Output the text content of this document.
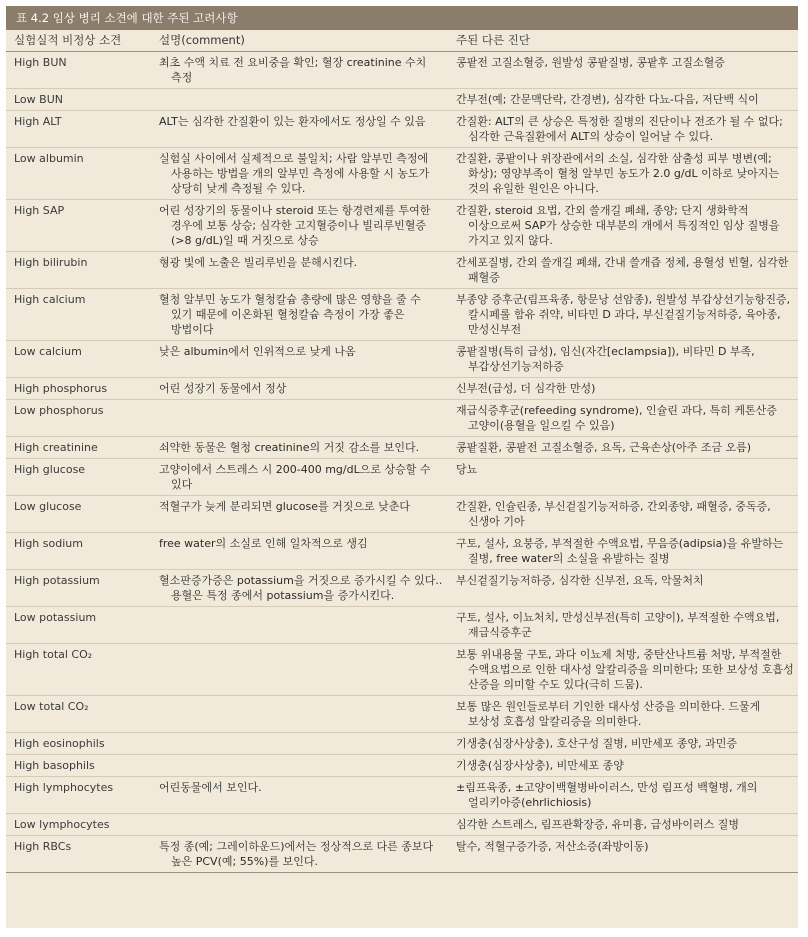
표 4.2 임상 병리 소견에 대한 주된 고려사항
실험실적 비정상 소견	설명(comment)	주된 다른 진단

High BUN	최초 수액 치료 전 요비중을 확인; 혈장 creatinine 수치 측정	콩팥전 고질소혈증, 원발성 콩팥질병, 콩팥후 고질소혈증

Low BUN		간부전(예; 간문맥단락, 간경변), 심각한 다뇨-다음, 저단백 식이

High ALT	ALT는 심각한 간질환이 있는 환자에서도 정상일 수 있음	간질환: ALT의 큰 상승은 특정한 질병의 진단이나 전조가 될 수 없다; 심각한 근육질환에서 ALT의 상승이 일어날 수 있다.

Low albumin	실험실 사이에서 실제적으로 불일치; 사람 알부민 측정에 사용하는 방법을 개의 알부민 측정에 사용할 시 농도가 상당히 낮게 측정될 수 있다.	간질환, 콩팥이나 위장관에서의 소실, 심각한 삼출성 피부 병변(예; 화상); 영양부족이 혈청 알부민 농도가 2.0 g/dL 이하로 낮아지는 것의 유일한 원인은 아니다.

High SAP	어린 성장기의 동물이나 steroid 또는 항경련제를 투여한 경우에 보통 상승; 심각한 고지혈증이나 빌리루빈혈증(>8 g/dL)일 때 거짓으로 상승	간질환, steroid 요법, 간외 쓸개길 폐쇄, 종양; 단지 생화학적 이상으로써 SAP가 상승한 대부분의 개에서 특징적인 임상 질병을 가지고 있지 않다.

High bilirubin	형광 빛에 노출은 빌리루빈을 분해시킨다.	간세포질병, 간외 쓸개길 폐쇄, 간내 쓸개즙 정체, 용혈성 빈혈, 심각한 패혈증

High calcium	혈청 알부민 농도가 혈청칼슘 총량에 많은 영향을 줄 수 있기 때문에 이온화된 혈청칼슘 측정이 가장 좋은 방법이다	부종양 증후군(림프육종, 항문낭 선암종), 원발성 부갑상선기능항진증, 칼시페롤 함유 쥐약, 비타민 D 과다, 부신겉질기능저하증, 육아종, 만성신부전

Low calcium	낮은 albumin에서 인위적으로 낮게 나옴	콩팥질병(특히 급성), 임신(자간[eclampsia]), 비타민 D 부족, 부갑상선기능저하증

High phosphorus	어린 성장기 동물에서 정상	신부전(급성, 더 심각한 만성)

Low phosphorus		재급식증후군(refeeding syndrome), 인슐린 과다, 특히 케톤산증 고양이(용혈을 일으킬 수 있음)

High creatinine	쇠약한 동물은 혈청 creatinine의 거짓 감소를 보인다.	콩팥질환, 콩팥전 고질소혈증, 요독, 근육손상(아주 조금 오름)

High glucose	고양이에서 스트레스 시 200-400 mg/dL으로 상승할 수 있다	당뇨

Low glucose	적혈구가 늦게 분리되면 glucose를 거짓으로 낮춘다	간질환, 인슐린종, 부신겉질기능저하증, 간외종양, 패혈증, 중독증, 신생아 기아

High sodium	free water의 소실로 인해 일차적으로 생김	구토, 설사, 요붕증, 부적절한 수액요법, 무음증(adipsia)을 유발하는 질병, free water의 소실을 유발하는 질병

High potassium	혈소판증가증은 potassium을 거짓으로 증가시킬 수 있다.. 용혈은 특정 종에서 potassium을 증가시킨다.	부신겉질기능저하증, 심각한 신부전, 요독, 악물처치

Low potassium		구토, 설사, 이뇨처치, 만성신부전(특히 고양이), 부적절한 수액요법, 재급식증후군

High total CO₂		보통 위내용물 구토, 과다 이뇨제 처방, 중탄산나트륨 처방, 부적절한 수액요법으로 인한 대사성 알칼리증을 의미한다; 또한 보상성 호흡성 산증을 의미할 수도 있다(극히 드뭄).

Low total CO₂		보통 많은 원인들로부터 기인한 대사성 산증을 의미한다. 드물게 보상성 호흡성 알칼리증을 의미한다.

High eosinophils		기생충(심장사상충), 호산구성 질병, 비만세포 종양, 과민증

High basophils		기생충(심장사상충), 비만세포 종양

High lymphocytes	어린동물에서 보인다.	±림프육종, ±고양이백혈병바이러스, 만성 림프성 백혈병, 개의 얼리키아증(ehrlichiosis)

Low lymphocytes		심각한 스트레스, 림프관확장증, 유미흉, 급성바이러스 질병

High RBCs	특정 종(예; 그레이하운드)에서는 정상적으로 다른 종보다 높은 PCV(예; 55%)를 보인다.	탈수, 적혈구증가증, 저산소증(좌방이동)
